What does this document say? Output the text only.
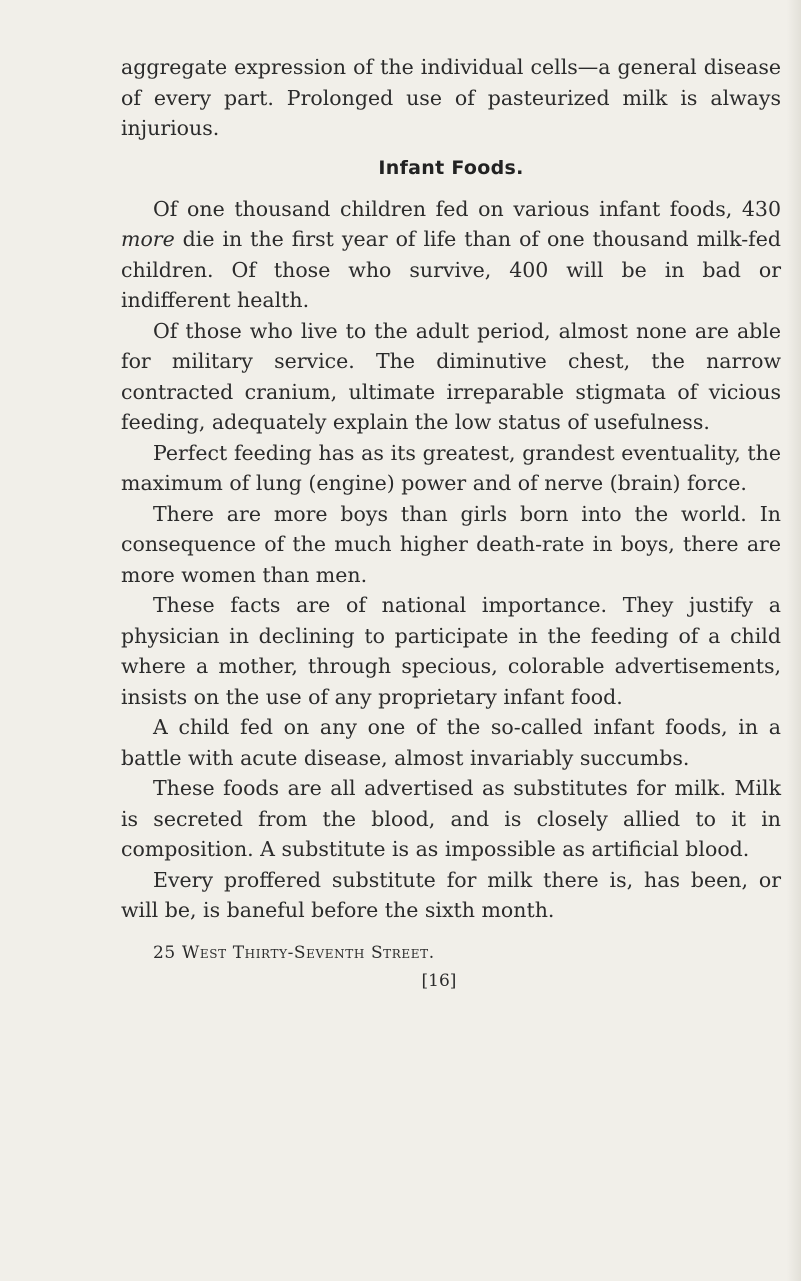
aggregate expression of the individual cells—a general disease of every part. Prolonged use of pasteurized milk is always injurious.

Infant Foods.

Of one thousand children fed on various infant foods, 430 more die in the first year of life than of one thousand milk-fed children. Of those who survive, 400 will be in bad or indifferent health.

Of those who live to the adult period, almost none are able for military service. The diminutive chest, the narrow contracted cranium, ultimate irreparable stigmata of vicious feeding, adequately explain the low status of usefulness.

Perfect feeding has as its greatest, grandest eventuality, the maximum of lung (engine) power and of nerve (brain) force.

There are more boys than girls born into the world. In consequence of the much higher death-rate in boys, there are more women than men.

These facts are of national importance. They justify a physician in declining to participate in the feeding of a child where a mother, through specious, colorable advertisements, insists on the use of any proprietary infant food.

A child fed on any one of the so-called infant foods, in a battle with acute disease, almost invariably succumbs.

These foods are all advertised as substitutes for milk. Milk is secreted from the blood, and is closely allied to it in composition. A substitute is as impossible as artificial blood.

Every proffered substitute for milk there is, has been, or will be, is baneful before the sixth month.

25 West Thirty-Seventh Street.
[16]
